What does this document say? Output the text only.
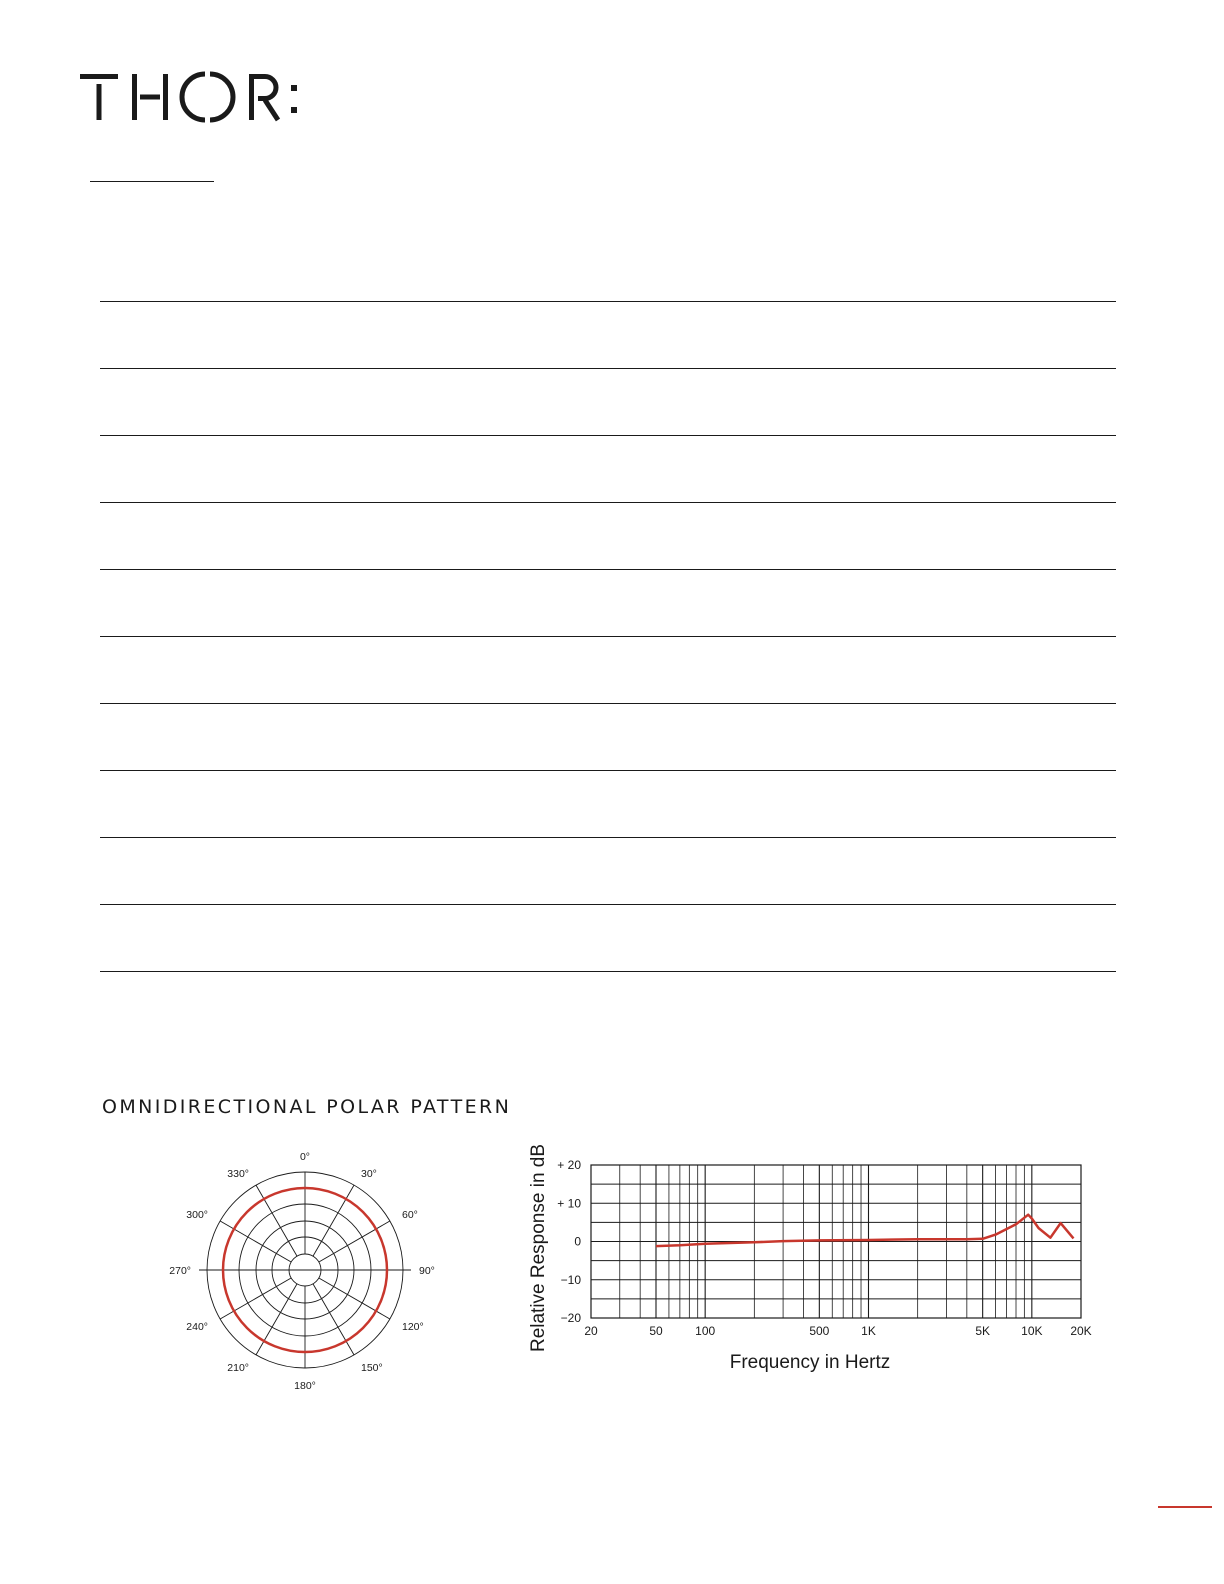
OMNIDIRECTIONAL POLAR PATTERN
0°
30°
60°
90°
120°
150°
180°
210°
240°
270°
300°
330°
+ 20
+ 10
0
−10
−20
20	50	100	500	1K	5K	10K 20K
Relative Response in dB
Frequency in Hertz
